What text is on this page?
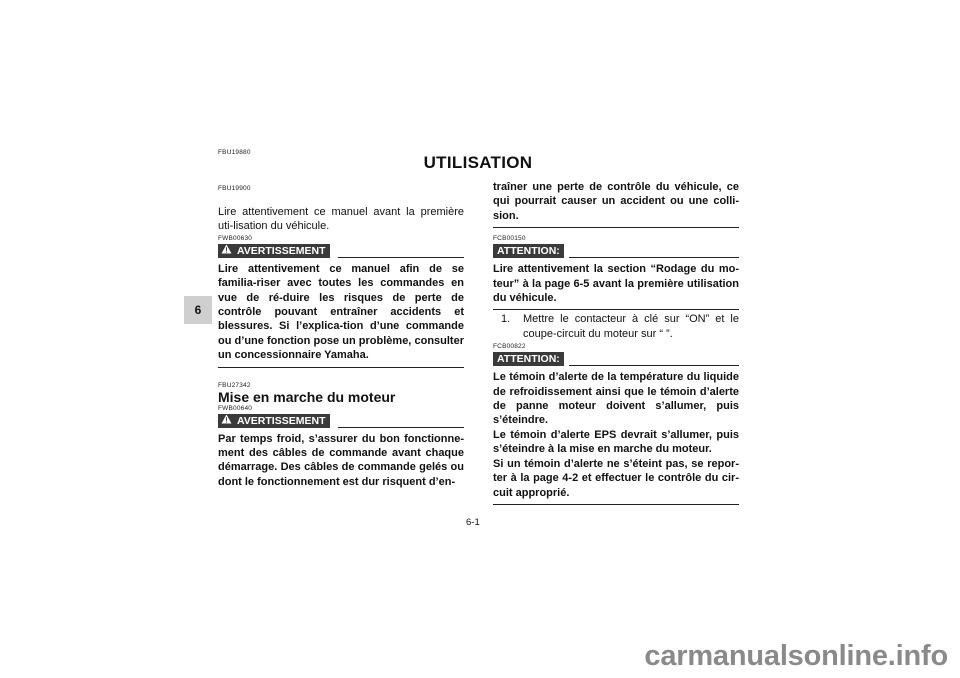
FBU19880
UTILISATION
6
FBU19900

Lire attentivement ce manuel avant la première uti-lisation du véhicule.

FWB00630
AVERTISSEMENT

Lire attentivement ce manuel afin de se familia-riser avec toutes les commandes en vue de ré-duire les risques de perte de contrôle pouvant entraîner accidents et blessures. Si l’explica-tion d’une commande ou d’une fonction pose un problème, consulter un concessionnaire Yamaha.

FBU27342

Mise en marche du moteur

FWB00640
AVERTISSEMENT

Par temps froid, s’assurer du bon fonctionne-ment des câbles de commande avant chaque démarrage. Des câbles de commande gelés ou dont le fonctionnement est dur risquent d’en-

traîner une perte de contrôle du véhicule, ce qui pourrait causer un accident ou une colli-sion.

FCB00150
ATTENTION:

Lire attentivement la section “Rodage du mo-teur” à la page 6-5 avant la première utilisation du véhicule.

1.	Mettre le contacteur à clé sur “ON” et le coupe-circuit du moteur sur “ ”.
FCB00822
ATTENTION:

Le témoin d’alerte de la température du liquide de refroidissement ainsi que le témoin d’alerte de panne moteur doivent s’allumer, puis s’éteindre.

Le témoin d’alerte EPS devrait s’allumer, puis s’éteindre à la mise en marche du moteur.

Si un témoin d’alerte ne s’éteint pas, se repor-ter à la page 4-2 et effectuer le contrôle du cir-cuit approprié.

6-1
carmanualsonline.info
